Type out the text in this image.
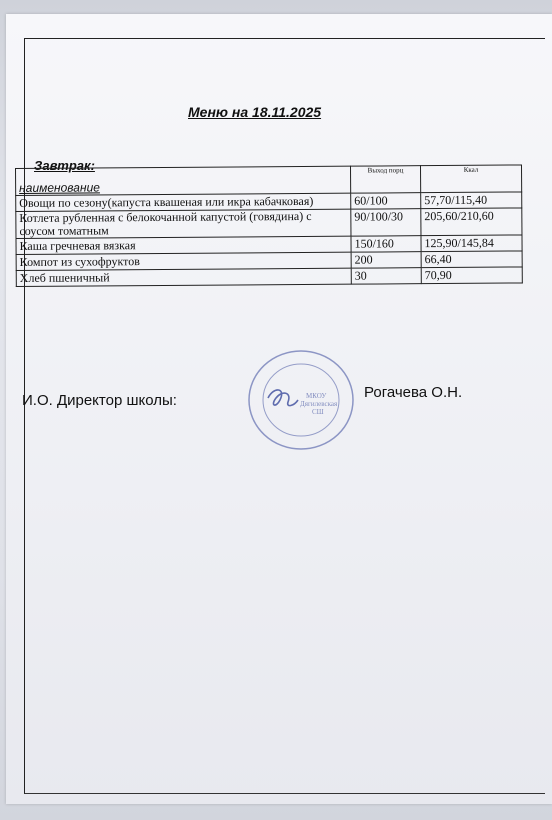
Меню на 18.11.2025
Завтрак:
наименование	Выход порц	Ккал
Овощи по сезону(капуста квашеная или икра кабачковая)	60/100	57,70/115,40
Котлета рубленная с белокочанной капустой (говядина) с соусом томатным	90/100/30	205,60/210,60
Каша гречневая вязкая	150/160	125,90/145,84
Компот из сухофруктов	200	66,40
Хлеб пшеничный	30	70,90
И.О. Директор школы:	Рогачева О.Н.
МКОУ
Дягилевская
СШ
